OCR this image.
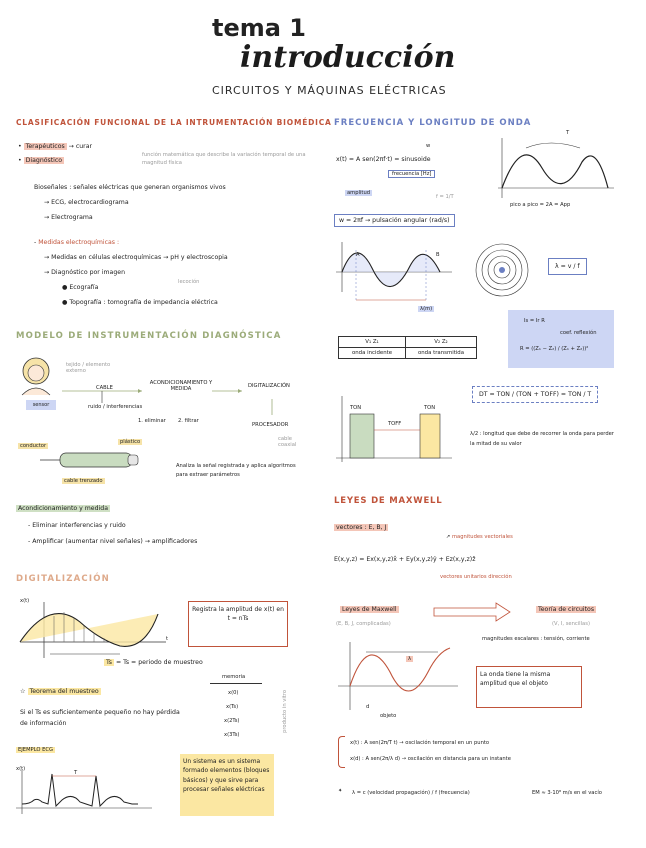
tema 1
introducción
CIRCUITOS Y MÁQUINAS ELÉCTRICAS
CLASIFICACIÓN FUNCIONAL DE LA INTRUMENTACIÓN BIOMÉDICA
• Terapéuticos → curar
• Diagnóstico
función matemática que describe la variación temporal de una magnitud física
Bioseñales : señales eléctricas que generan organismos vivos
→ ECG, electrocardiograma
→ Electrograma
- Medidas electroquímicas :
→ Medidas en células electroquímicas → pH y electroscopia
→ Diagnóstico por imagen
lecoción
● Ecografía
● Topografía : tomografía de impedancia eléctrica
MODELO DE INSTRUMENTACIÓN DIAGNÓSTICA
sensor
tejido / elemento externo
CABLE
ruido / interferencias
ACONDICIONAMIENTO Y MEDIDA
1. eliminar 2. filtrar
DIGITALIZACIÓN
PROCESADOR
cable coaxial
conductor
plástico
cable trenzado
Analiza la señal registrada y aplica algoritmos para extraer parámetros
Acondicionamiento y medida
- Eliminar interferencias y ruido
- Amplificar (aumentar nivel señales) → amplificadores
DIGITALIZACIÓN
x(t)
t
Registra la amplitud de x(t) en t = nTs
Ts = Ts = periodo de muestreo
☆ Teorema del muestreo
Si el Ts es suficientemente pequeño no hay pérdida de información
memoria
x(0)
x(Ts)
x(2Ts)
x(3Ts)
producto in vitro
EJEMPLO ECG
x(t)
T
Un sistema es un sistema formado elementos (bloques básicos) y que sirve para procesar señales eléctricas
FRECUENCIA Y LONGITUD DE ONDA
x(t) = A sen(2πf·t) = sinusoide
frecuencia [Hz]
amplitud
w
f = 1/T
T
pico a pico = 2A = App
w = 2πf → pulsación angular (rad/s)
A	B
λ(m)
λ = v / f
Is = Ir R
coef. reflexión
R = ((Z₁ − Z₂) / (Z₁ + Z₂))²
V₁ Z₁	V₂ Z₂
onda incidente	onda transmitida
TON	TON
TOFF
DT = TON / (TON + TOFF) = TON / T
λ/2 : longitud que debe de recorrer la onda para perder la mitad de su valor
LEYES DE MAXWELL
vectores : E, B, J
↗ magnitudes vectoriales
E(x,y,z) = Ex(x,y,z)x̂ + Ey(x,y,z)ŷ + Ez(x,y,z)ẑ
vectores unitarios dirección
Leyes de Maxwell
(E, B, J, complicadas)
Teoría de circuitos
(V, I, sencillas)
magnitudes escalares : tensión, corriente
λ
d
objeto
La onda tiene la misma amplitud que el objeto
x(t) : A sen(2π/T t) → oscilación temporal en un punto
x(d) : A sen(2π/λ d) → oscilación en distancia para un instante
✦ λ = c (velocidad propagación) / f (frecuencia)	EM ≈ 3·10⁸ m/s en el vacío
